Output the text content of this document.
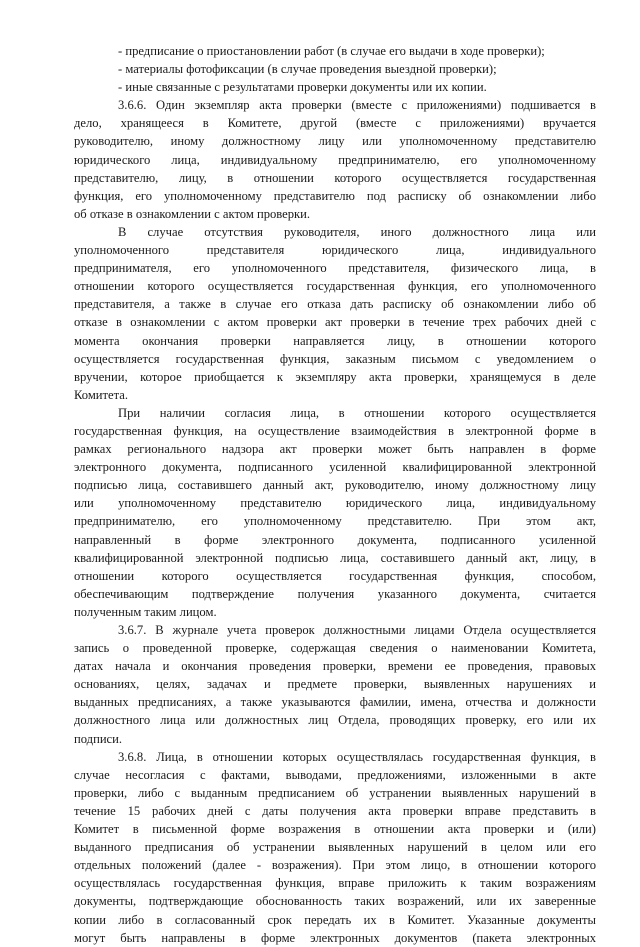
- предписание о приостановлении работ (в случае его выдачи в ходе проверки);
- материалы фотофиксации (в случае проведения выездной проверки);
- иные связанные с результатами проверки документы или их копии.
3.6.6. Один экземпляр акта проверки (вместе с приложениями) подшивается в
дело, хранящееся в Комитете, другой (вместе с приложениями) вручается
руководителю, иному должностному лицу или уполномоченному представителю
юридического лица, индивидуальному предпринимателю, его уполномоченному
представителю, лицу, в отношении которого осуществляется государственная
функция, его уполномоченному представителю под расписку об ознакомлении либо
об отказе в ознакомлении с актом проверки.
В случае отсутствия руководителя, иного должностного лица или
уполномоченного представителя юридического лица, индивидуального
предпринимателя, его уполномоченного представителя, физического лица, в
отношении которого осуществляется государственная функция, его уполномоченного
представителя, а также в случае его отказа дать расписку об ознакомлении либо об
отказе в ознакомлении с актом проверки акт проверки в течение трех рабочих дней с
момента окончания проверки направляется лицу, в отношении которого
осуществляется государственная функция, заказным письмом с уведомлением о
вручении, которое приобщается к экземпляру акта проверки, хранящемуся в деле
Комитета.
При наличии согласия лица, в отношении которого осуществляется
государственная функция, на осуществление взаимодействия в электронной форме в
рамках регионального надзора акт проверки может быть направлен в форме
электронного документа, подписанного усиленной квалифицированной электронной
подписью лица, составившего данный акт, руководителю, иному должностному лицу
или уполномоченному представителю юридического лица, индивидуальному
предпринимателю, его уполномоченному представителю. При этом акт,
направленный в форме электронного документа, подписанного усиленной
квалифицированной электронной подписью лица, составившего данный акт, лицу, в
отношении которого осуществляется государственная функция, способом,
обеспечивающим подтверждение получения указанного документа, считается
полученным таким лицом.
3.6.7. В журнале учета проверок должностными лицами Отдела осуществляется
запись о проведенной проверке, содержащая сведения о наименовании Комитета,
датах начала и окончания проведения проверки, времени ее проведения, правовых
основаниях, целях, задачах и предмете проверки, выявленных нарушениях и
выданных предписаниях, а также указываются фамилии, имена, отчества и должности
должностного лица или должностных лиц Отдела, проводящих проверку, его или их
подписи.
3.6.8. Лица, в отношении которых осуществлялась государственная функция, в
случае несогласия с фактами, выводами, предложениями, изложенными в акте
проверки, либо с выданным предписанием об устранении выявленных нарушений в
течение 15 рабочих дней с даты получения акта проверки вправе представить в
Комитет в письменной форме возражения в отношении акта проверки и (или)
выданного предписания об устранении выявленных нарушений в целом или его
отдельных положений (далее - возражения). При этом лицо, в отношении которого
осуществлялась государственная функция, вправе приложить к таким возражениям
документы, подтверждающие обоснованность таких возражений, или их заверенные
копии либо в согласованный срок передать их в Комитет. Указанные документы
могут быть направлены в форме электронных документов (пакета электронных
